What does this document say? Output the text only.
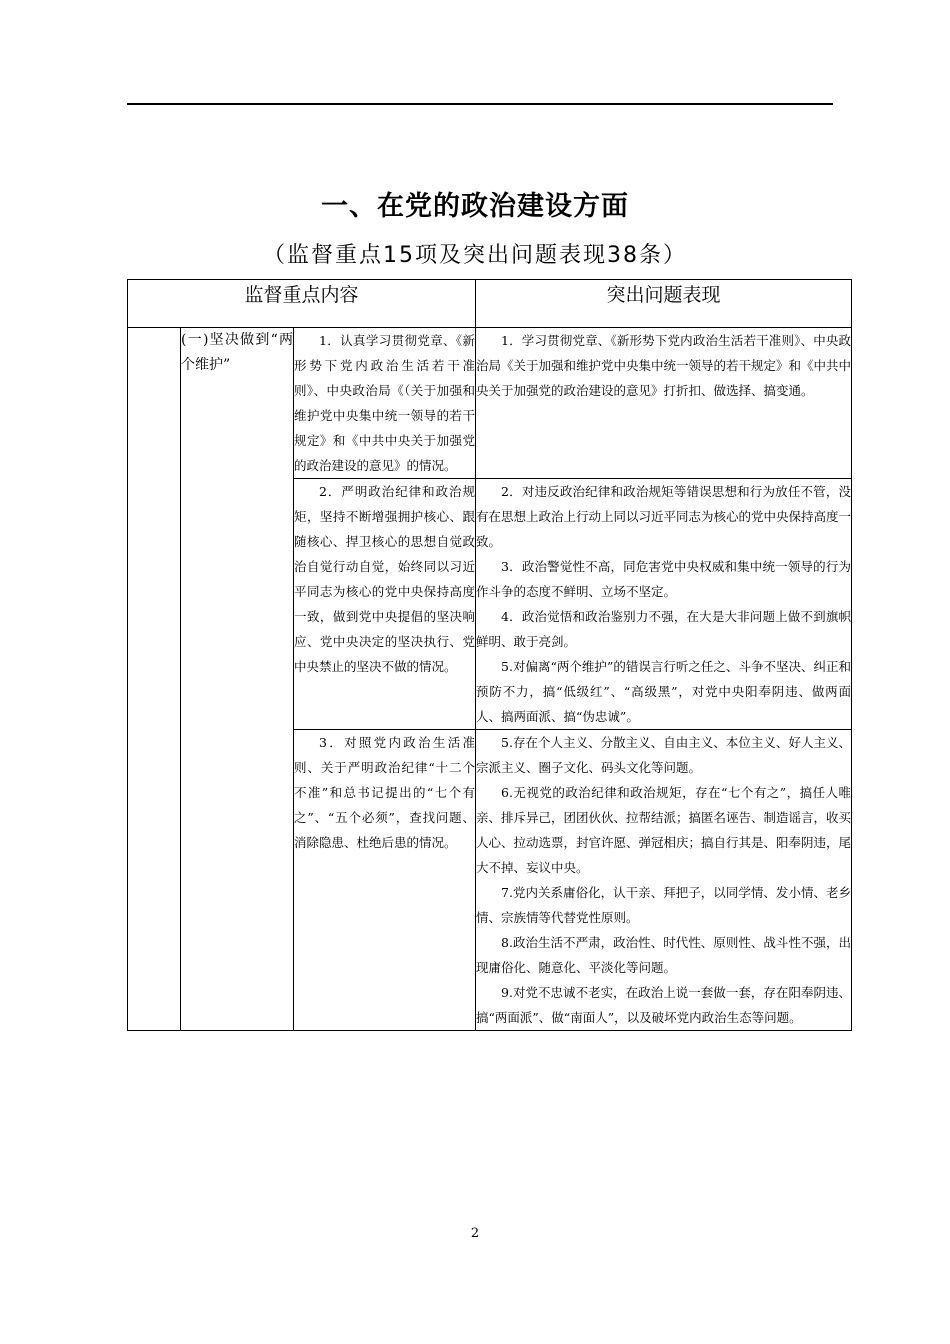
一、在党的政治建设方面
（监督重点15项及突出问题表现38条）
监督重点内容			突出问题表现
	(一)坚决做到“两个维护”	1．认真学习贯彻党章、《新形势下党内政治生活若干准则》、中央政治局《（关于加强和维护党中央集中统一领导的若干规定》和《中共中央关于加强党的政治建设的意见》的情况。	1．学习贯彻党章、《新形势下党内政治生活若干准则》、中央政治局《关于加强和维护党中央集中统一领导的若干规定》和《中共中央关于加强党的政治建设的意见》打折扣、做选择、搞变通。

		2．严明政治纪律和政治规矩，坚持不断增强拥护核心、跟随核心、捍卫核心的思想自觉政治自觉行动自觉，始终同以习近平同志为核心的党中央保持高度一致，做到党中央提倡的坚决响应、党中央决定的坚决执行、党中央禁止的坚决不做的情况。	2．对违反政治纪律和政治规矩等错误思想和行为放任不管，没有在思想上政治上行动上同以习近平同志为核心的党中央保持高度一致。

3．政治警觉性不高，同危害党中央权威和集中统一领导的行为作斗争的态度不鲜明、立场不坚定。

4．政治觉悟和政治鉴别力不强，在大是大非问题上做不到旗帜鲜明、敢于亮剑。

5.对偏离“两个维护”的错误言行听之任之、斗争不坚决、纠正和预防不力，搞“低级红”、“高级黑”，对党中央阳奉阴违、做两面人、搞两面派、搞“伪忠诚”。

		3．对照党内政治生活准则、关于严明政治纪律“十二个不准”和总书记提出的“七个有之”、“五个必须”，查找问题、消除隐患、杜绝后患的情况。	5.存在个人主义、分散主义、自由主义、本位主义、好人主义、宗派主义、圈子文化、码头文化等问题。

6.无视党的政治纪律和政治规矩，存在“七个有之”，搞任人唯亲、排斥异己，团团伙伙、拉帮结派；搞匿名诬告、制造谣言，收买人心、拉动选票，封官许愿、弹冠相庆；搞自行其是、阳奉阴违，尾大不掉、妄议中央。

7.党内关系庸俗化，认干亲、拜把子，以同学情、发小情、老乡情、宗族情等代替党性原则。

8.政治生活不严肃，政治性、时代性、原则性、战斗性不强，出现庸俗化、随意化、平淡化等问题。

9.对党不忠诚不老实，在政治上说一套做一套，存在阳奉阴违、搞“两面派”、做“南面人”，以及破坏党内政治生态等问题。

2
